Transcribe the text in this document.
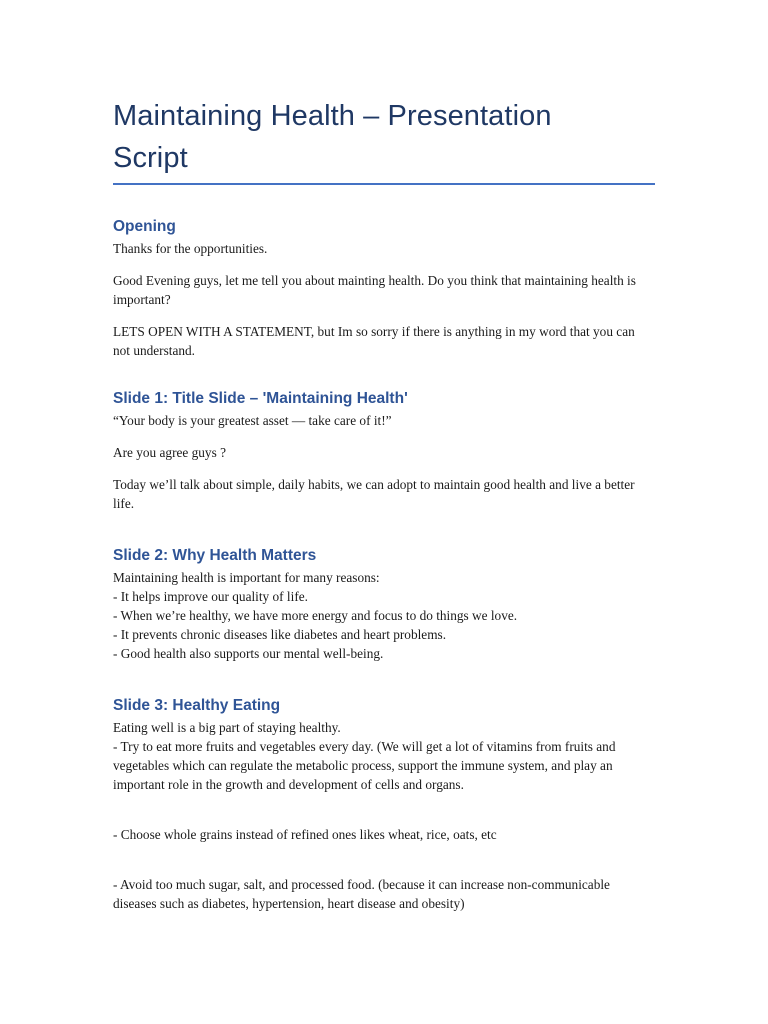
Maintaining Health – Presentation
Script
Opening

Thanks for the opportunities.

Good Evening guys, let me tell you about mainting health. Do you think that maintaining health is important?

LETS OPEN WITH A STATEMENT, but Im so sorry if there is anything in my word that you can not understand.

Slide 1: Title Slide – 'Maintaining Health'

“Your body is your greatest asset — take care of it!”

Are you agree guys ?

Today we’ll talk about simple, daily habits, we can adopt to maintain good health and live a better life.

Slide 2: Why Health Matters

Maintaining health is important for many reasons:

- It helps improve our quality of life.
- When we’re healthy, we have more energy and focus to do things we love.
- It prevents chronic diseases like diabetes and heart problems.
- Good health also supports our mental well-being.
Slide 3: Healthy Eating

Eating well is a big part of staying healthy.

- Try to eat more fruits and vegetables every day. (We will get a lot of vitamins from fruits and vegetables which can regulate the metabolic process, support the immune system, and play an important role in the growth and development of cells and organs.

- Choose whole grains instead of refined ones likes wheat, rice, oats, etc

- Avoid too much sugar, salt, and processed food. (because it can increase non-communicable diseases such as diabetes, hypertension, heart disease and obesity)
